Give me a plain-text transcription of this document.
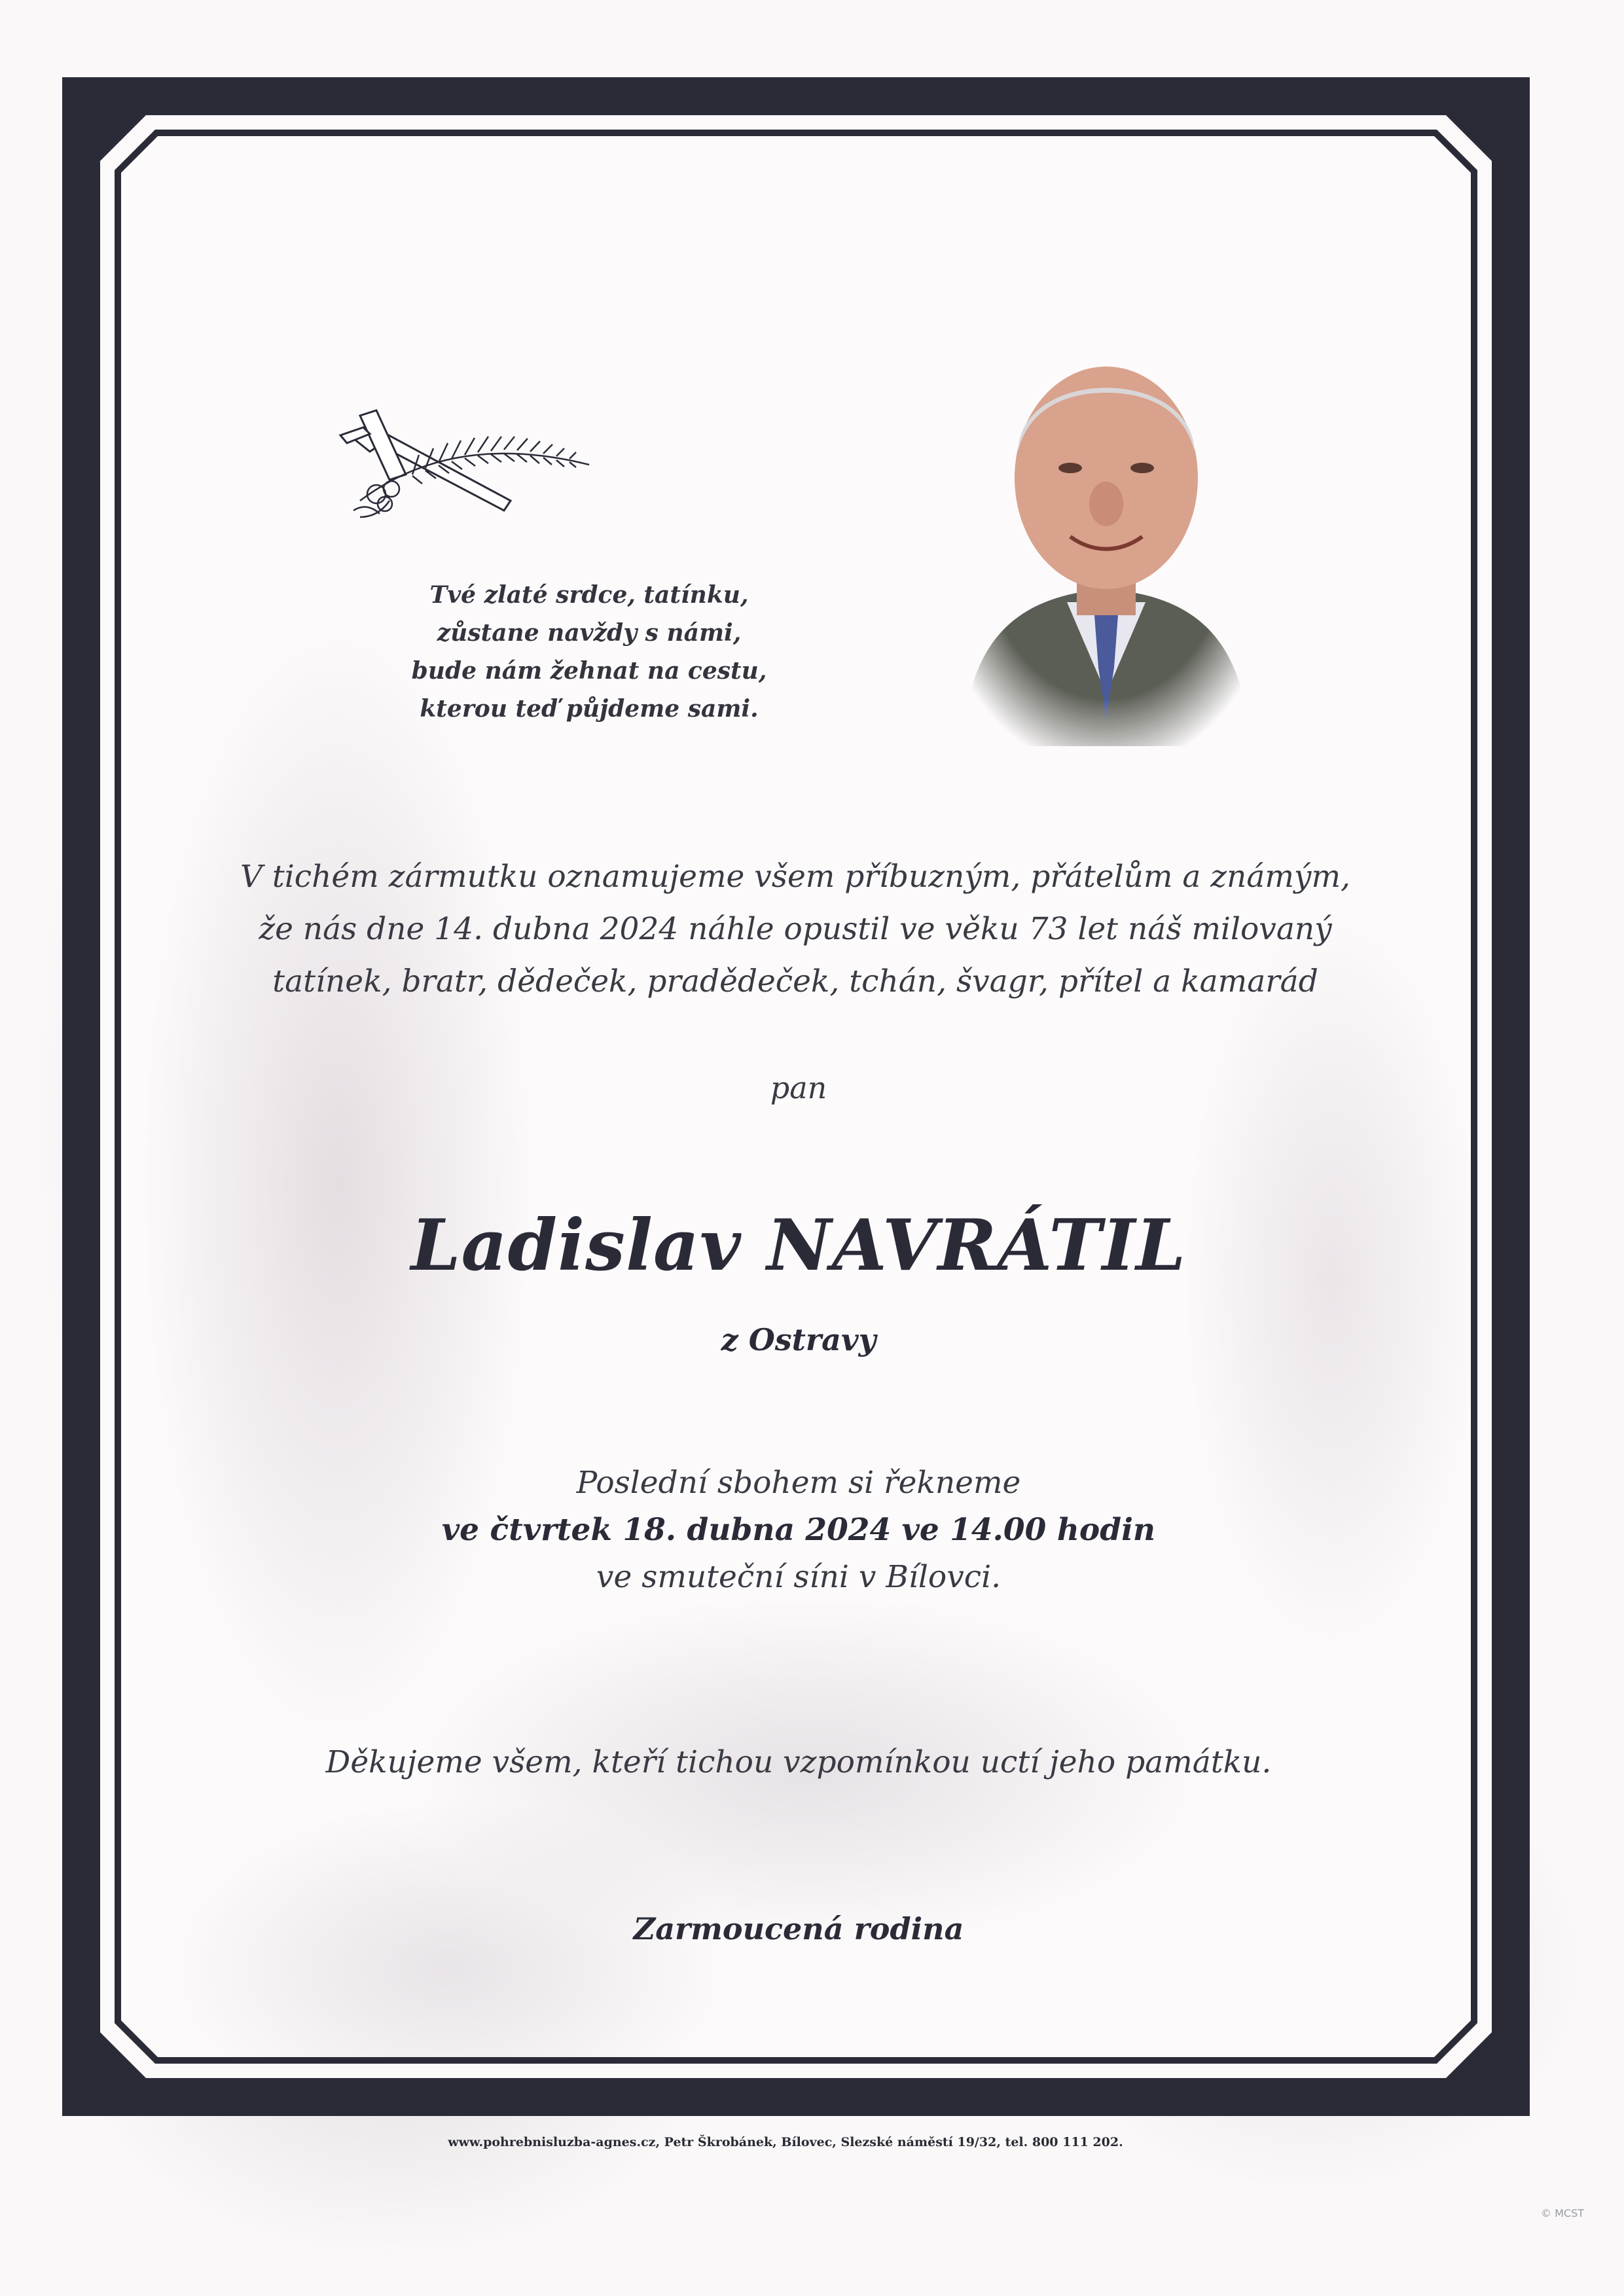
Tvé zlaté srdce, tatínku,
zůstane navždy s námi,
bude nám žehnat na cestu,
kterou teď půjdeme sami.
V tichém zármutku oznamujeme všem příbuzným, přátelům a známým,
že nás dne 14. dubna 2024 náhle opustil ve věku 73 let náš milovaný
tatínek, bratr, dědeček, pradědeček, tchán, švagr, přítel a kamarád
pan
Ladislav NAVRÁTIL
z Ostravy
Poslední sbohem si řekneme
ve čtvrtek 18. dubna 2024 ve 14.00 hodin
ve smuteční síni v Bílovci.
Děkujeme všem, kteří tichou vzpomínkou uctí jeho památku.
Zarmoucená rodina
www.pohrebnisluzba-agnes.cz, Petr Škrobánek, Bílovec, Slezské náměstí 19/32, tel. 800 111 202.
© MCST
